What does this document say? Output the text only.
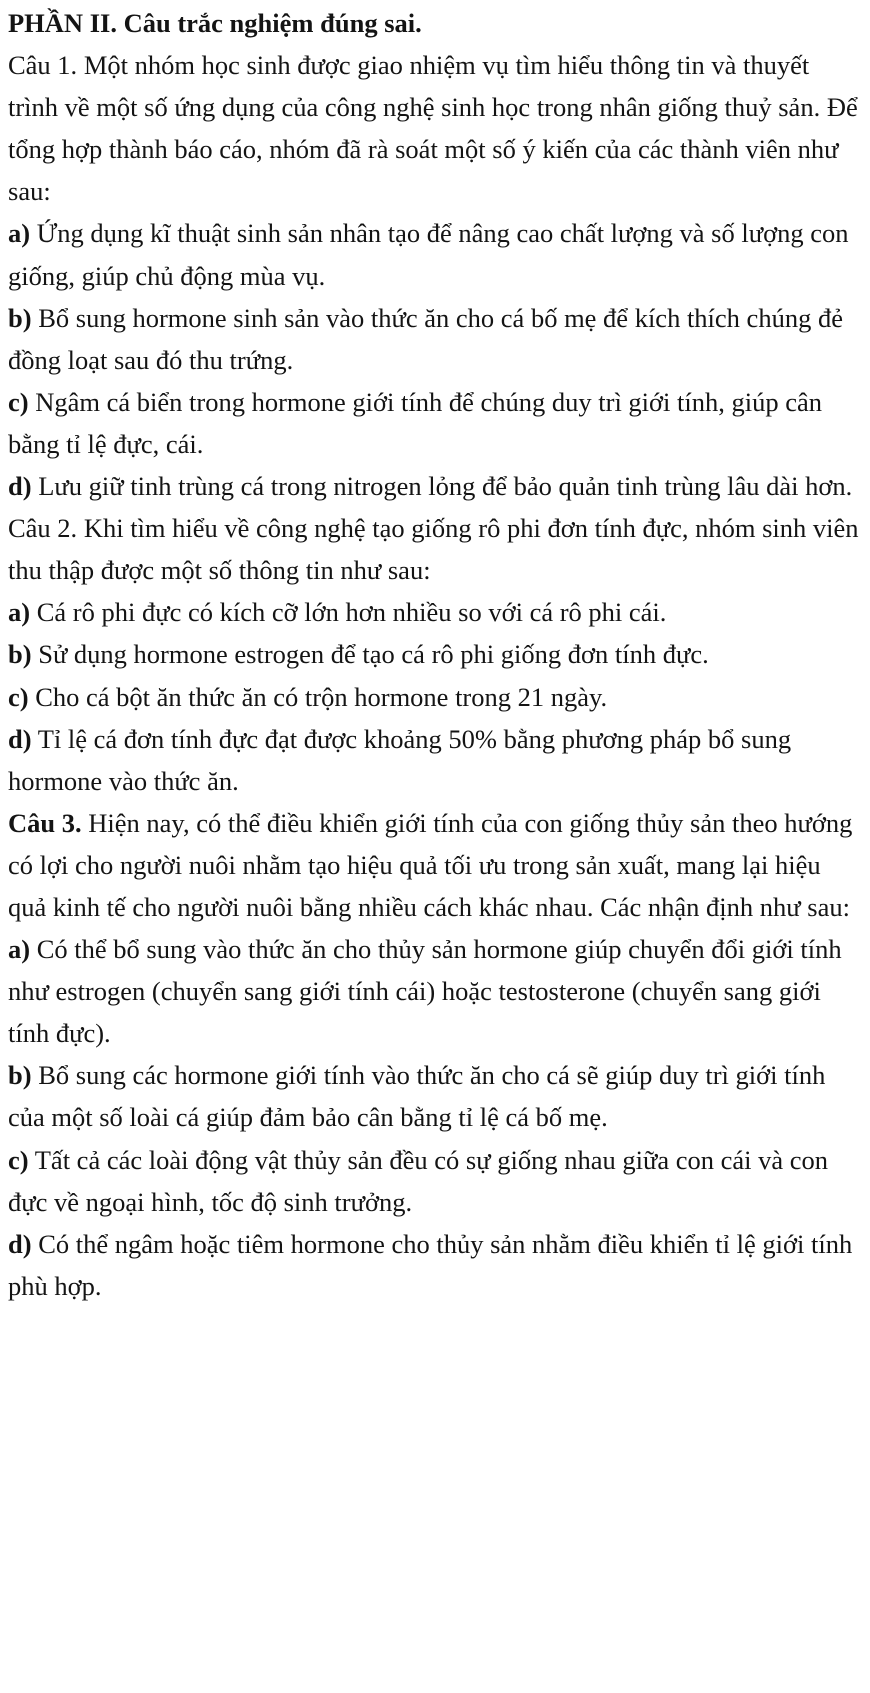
PHẦN II. Câu trắc nghiệm đúng sai.

Câu 1. Một nhóm học sinh được giao nhiệm vụ tìm hiểu thông tin và thuyết trình về một số ứng dụng của công nghệ sinh học trong nhân giống thuỷ sản. Để tổng hợp thành báo cáo, nhóm đã rà soát một số ý kiến của các thành viên như sau:

a) Ứng dụng kĩ thuật sinh sản nhân tạo để nâng cao chất lượng và số lượng con giống, giúp chủ động mùa vụ.

b) Bổ sung hormone sinh sản vào thức ăn cho cá bố mẹ để kích thích chúng đẻ đồng loạt sau đó thu trứng.

c) Ngâm cá biển trong hormone giới tính để chúng duy trì giới tính, giúp cân bằng tỉ lệ đực, cái.

d) Lưu giữ tinh trùng cá trong nitrogen lỏng để bảo quản tinh trùng lâu dài hơn.

Câu 2. Khi tìm hiểu về công nghệ tạo giống rô phi đơn tính đực, nhóm sinh viên thu thập được một số thông tin như sau:

a) Cá rô phi đực có kích cỡ lớn hơn nhiều so với cá rô phi cái.

b) Sử dụng hormone estrogen để tạo cá rô phi giống đơn tính đực.

c) Cho cá bột ăn thức ăn có trộn hormone trong 21 ngày.

d) Tỉ lệ cá đơn tính đực đạt được khoảng 50% bằng phương pháp bổ sung hormone vào thức ăn.

Câu 3. Hiện nay, có thể điều khiển giới tính của con giống thủy sản theo hướng có lợi cho người nuôi nhằm tạo hiệu quả tối ưu trong sản xuất, mang lại hiệu quả kinh tế cho người nuôi bằng nhiều cách khác nhau. Các nhận định như sau:

a) Có thể bổ sung vào thức ăn cho thủy sản hormone giúp chuyển đổi giới tính như estrogen (chuyển sang giới tính cái) hoặc testosterone (chuyển sang giới tính đực).

b) Bổ sung các hormone giới tính vào thức ăn cho cá sẽ giúp duy trì giới tính của một số loài cá giúp đảm bảo cân bằng tỉ lệ cá bố mẹ.

c) Tất cả các loài động vật thủy sản đều có sự giống nhau giữa con cái và con đực về ngoại hình, tốc độ sinh trưởng.

d) Có thể ngâm hoặc tiêm hormone cho thủy sản nhằm điều khiển tỉ lệ giới tính phù hợp.
